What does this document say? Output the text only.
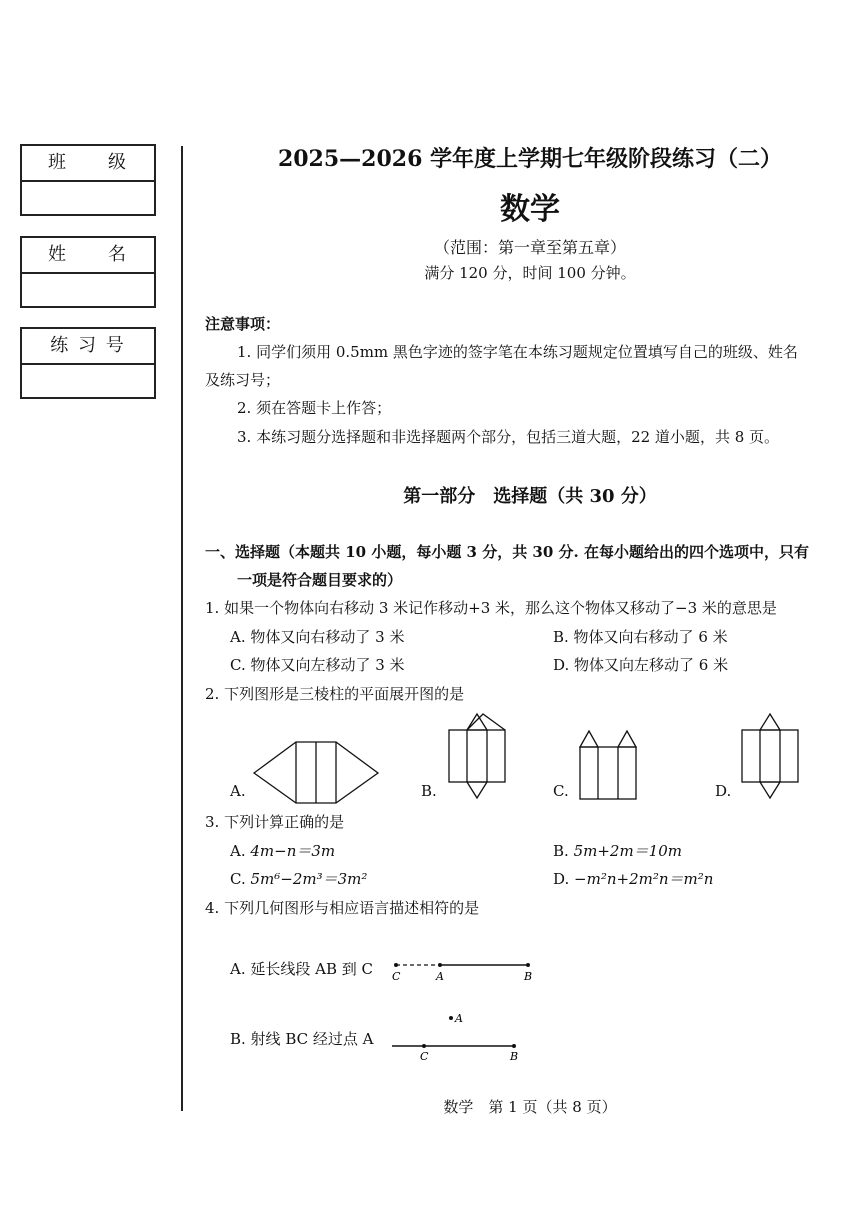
班　　级
姓　　名
练 习 号
2025—2026 学年度上学期七年级阶段练习（二）
数学
（范围：第一章至第五章）
满分 120 分，时间 100 分钟。
注意事项：
1. 同学们须用 0.5mm 黑色字迹的签字笔在本练习题规定位置填写自己的班级、姓名
及练习号；
2. 须在答题卡上作答；
3. 本练习题分选择题和非选择题两个部分，包括三道大题，22 道小题，共 8 页。
第一部分　选择题（共 30 分）
一、选择题（本题共 10 小题，每小题 3 分，共 30 分. 在每小题给出的四个选项中，只有
一项是符合题目要求的）
1. 如果一个物体向右移动 3 米记作移动+3 米，那么这个物体又移动了−3 米的意思是
A. 物体又向右移动了 3 米	B. 物体又向右移动了 6 米
C. 物体又向左移动了 3 米	D. 物体又向左移动了 6 米
2. 下列图形是三棱柱的平面展开图的是
A.	B.	C.	D.
3. 下列计算正确的是
A. 4m−n＝3m	B. 5m+2m＝10m
C. 5m⁶−2m³＝3m²	D. −m²n+2m²n＝m²n
4. 下列几何图形与相应语言描述相符的是
A. 延长线段 AB 到 C C	A	B
A
C	B
B. 射线 BC 经过点 A
数学　第 1 页（共 8 页）
